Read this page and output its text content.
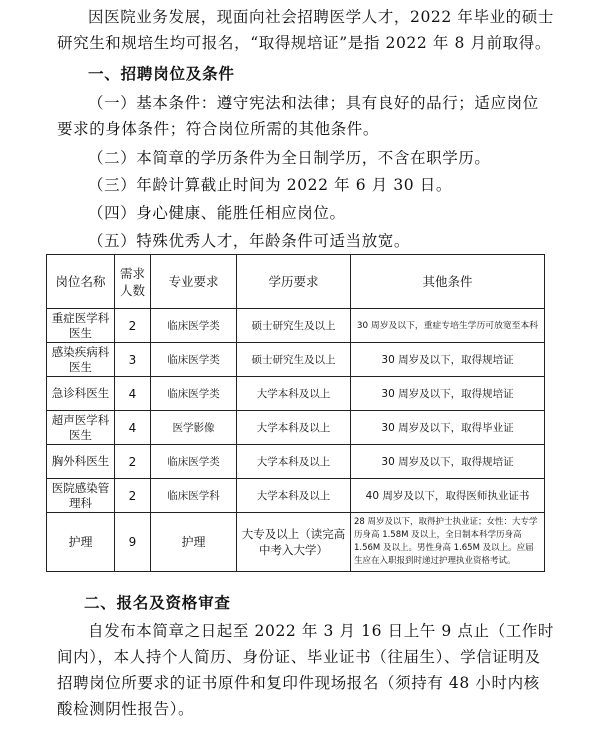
因医院业务发展，现面向社会招聘医学人才，2022 年毕业的硕士研究生和规培生均可报名，“取得规培证”是指 2022 年 8 月前取得。

一、招聘岗位及条件

（一）基本条件：遵守宪法和法律；具有良好的品行；适应岗位要求的身体条件；符合岗位所需的其他条件。

（二）本简章的学历条件为全日制学历，不含在职学历。

（三）年龄计算截止时间为 2022 年 6 月 30 日。

（四）身心健康、能胜任相应岗位。

（五）特殊优秀人才，年龄条件可适当放宽。

岗位名称	需求人数	专业要求	学历要求	其他条件
重症医学科医生	2	临床医学类	硕士研究生及以上	30 周岁及以下，重症专培生学历可放宽至本科
感染疾病科医生	3	临床医学类	硕士研究生及以上	30 周岁及以下，取得规培证
急诊科医生	4	临床医学类	大学本科及以上	30 周岁及以下，取得规培证
超声医学科医生	4	医学影像	大学本科及以上	30 周岁及以下，取得毕业证
胸外科医生	2	临床医学类	大学本科及以上	30 周岁及以下，取得规培证
医院感染管理科	2	临床医学科	大学本科及以上	40 周岁及以下，取得医师执业证书
护理	9	护理	大专及以上（读完高中考入大学）	28 周岁及以下，取得护士执业证；女性：大专学历身高 1.58M 及以上，全日制本科学历身高 1.56M 及以上。男性身高 1.65M 及以上。应届生应在入职报到时递过护理执业资格考试。

二、报名及资格审查

自发布本简章之日起至 2022 年 3 月 16 日上午 9 点止（工作时间内），本人持个人简历、身份证、毕业证书（往届生）、学信证明及招聘岗位所要求的证书原件和复印件现场报名（须持有 48 小时内核酸检测阴性报告）。
